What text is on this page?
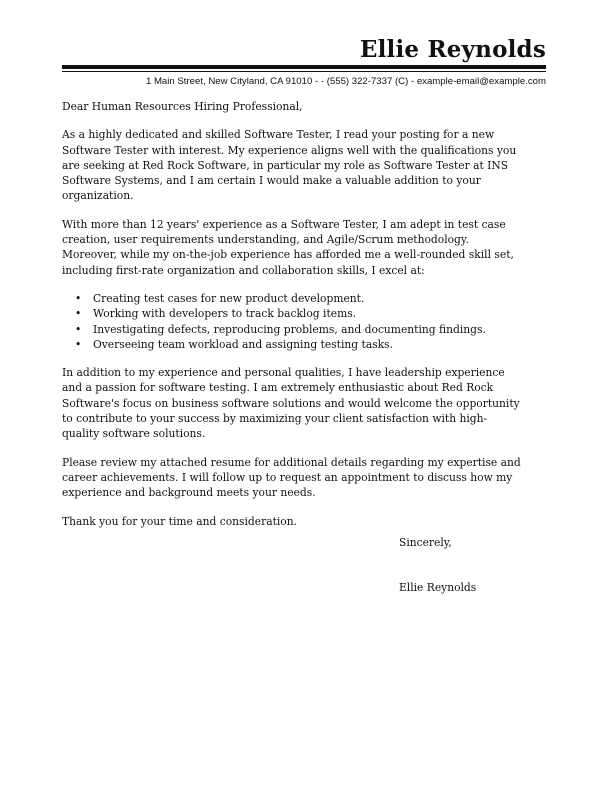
Ellie Reynolds
1 Main Street, New Cityland, CA 91010 - - (555) 322-7337 (C) - example-email@example.com
Dear Human Resources Hiring Professional,
As a highly dedicated and skilled Software Tester, I read your posting for a new
Software Tester with interest. My experience aligns well with the qualifications you
are seeking at Red Rock Software, in particular my role as Software Tester at INS
Software Systems, and I am certain I would make a valuable addition to your
organization.
With more than 12 years' experience as a Software Tester, I am adept in test case
creation, user requirements understanding, and Agile/Scrum methodology.
Moreover, while my on-the-job experience has afforded me a well-rounded skill set,
including first-rate organization and collaboration skills, I excel at:
• Creating test cases for new product development.
• Working with developers to track backlog items.
• Investigating defects, reproducing problems, and documenting findings.
• Overseeing team workload and assigning testing tasks.
In addition to my experience and personal qualities, I have leadership experience
and a passion for software testing. I am extremely enthusiastic about Red Rock
Software's focus on business software solutions and would welcome the opportunity
to contribute to your success by maximizing your client satisfaction with high-
quality software solutions.
Please review my attached resume for additional details regarding my expertise and
career achievements. I will follow up to request an appointment to discuss how my
experience and background meets your needs.
Thank you for your time and consideration.
Sincerely,
Ellie Reynolds
